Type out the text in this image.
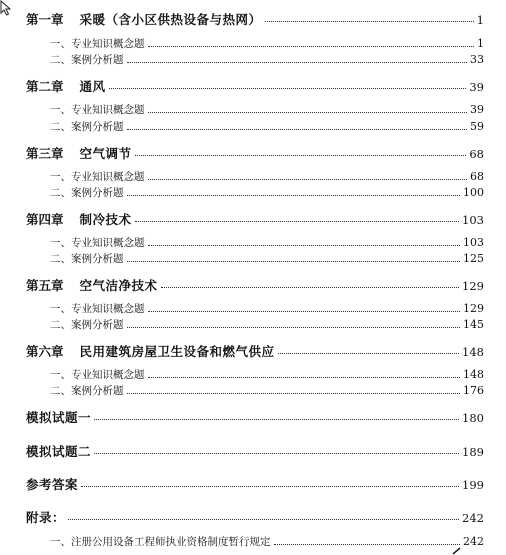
第一章 采暖（含小区供热设备与热网）	1
一、专业知识概念题	1
二、案例分析题	33
第二章 通风	39
一、专业知识概念题	39
二、案例分析题	59
第三章 空气调节	68
一、专业知识概念题	68
二、案例分析题	100
第四章 制冷技术	103
一、专业知识概念题	103
二、案例分析题	125
第五章 空气洁净技术	129
一、专业知识概念题	129
二、案例分析题	145
第六章 民用建筑房屋卫生设备和燃气供应	148
一、专业知识概念题	148
二、案例分析题	176
模拟试题一	180
模拟试题二	189
参考答案	199
附录：	242
一、注册公用设备工程师执业资格制度暂行规定	242
